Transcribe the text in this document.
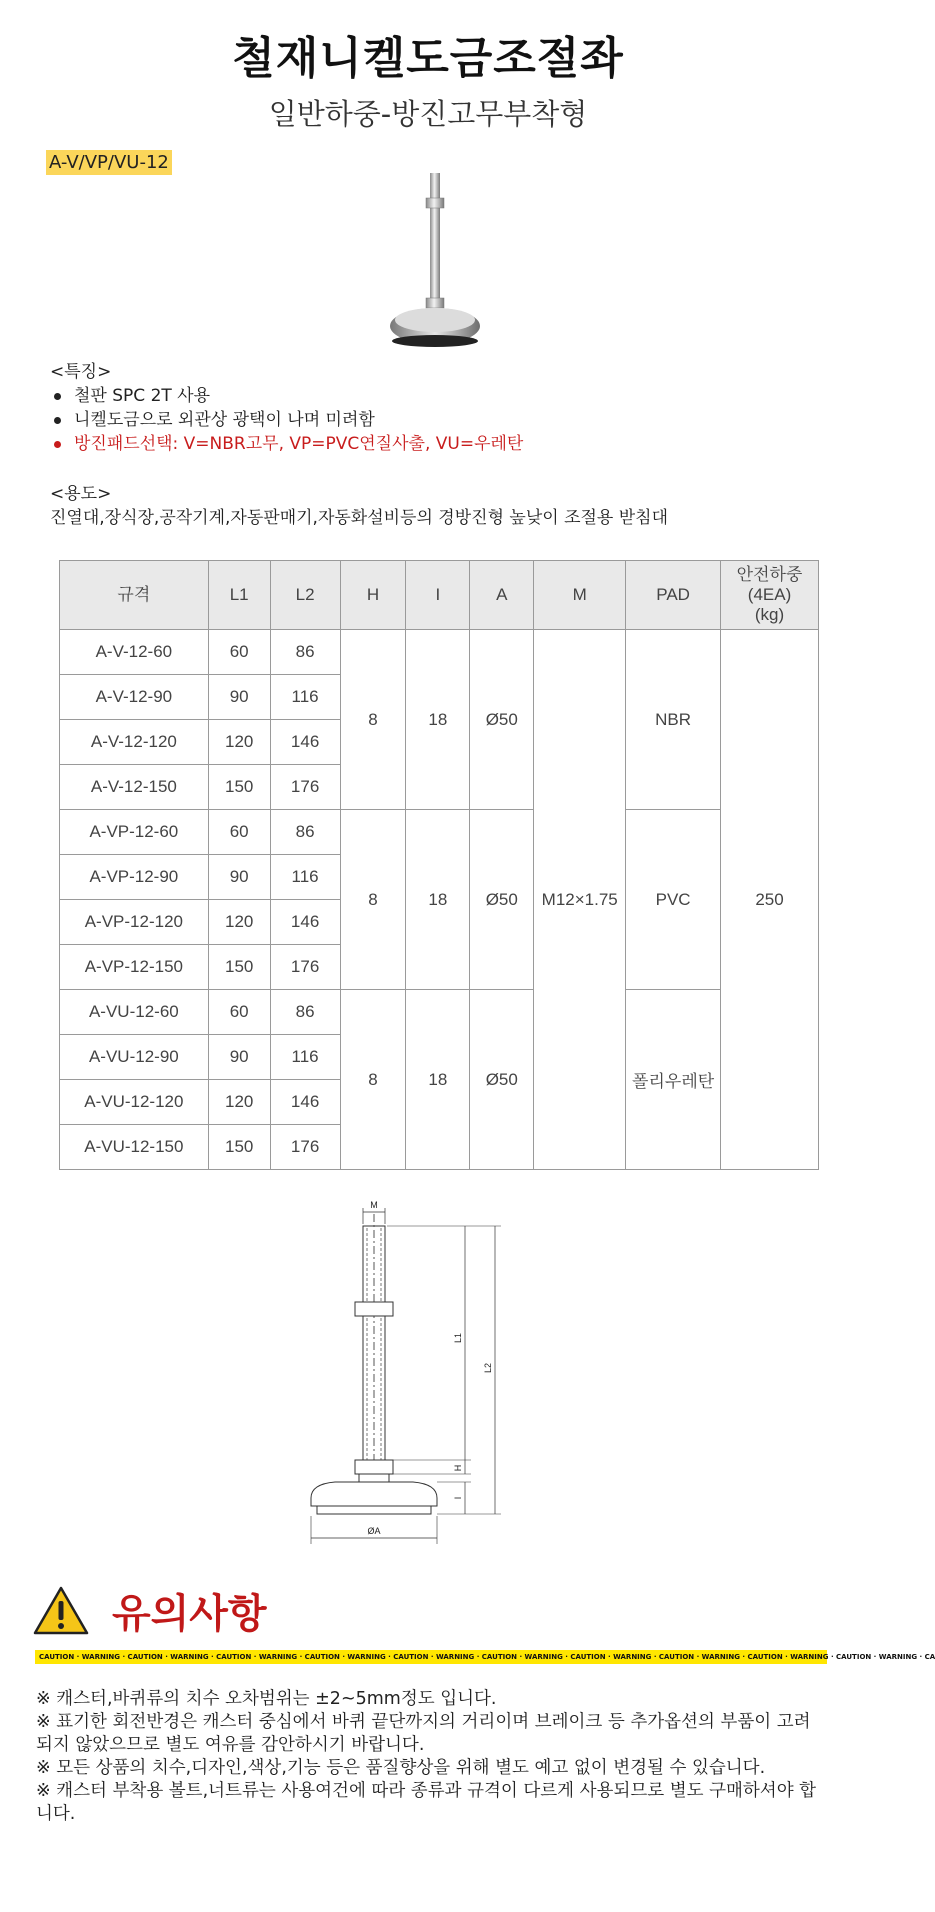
철재니켈도금조절좌
일반하중-방진고무부착형
A-V/VP/VU-12
<특징>
철판 SPC 2T 사용
니켈도금으로 외관상 광택이 나며 미려함
방진패드선택: V=NBR고무, VP=PVC연질사출, VU=우레탄
<용도>
진열대,장식장,공작기계,자동판매기,자동화설비등의 경방진형 높낮이 조절용 받침대
규격	L1	L2	H	I	A	M	PAD	안전하중
(4EA)
(kg)
A-V-12-60	60	86	8	18	Ø50	M12×1.75	NBR	250
A-V-12-90	90	116						
A-V-12-120	120	146						
A-V-12-150	150	176						
A-VP-12-60	60	86	8	18	Ø50		PVC	
A-VP-12-90	90	116						
A-VP-12-120	120	146						
A-VP-12-150	150	176						
A-VU-12-60	60	86	8	18	Ø50		폴리우레탄	
A-VU-12-90	90	116						
A-VU-12-120	120	146						
A-VU-12-150	150	176						
M
L1
L2
H
I
ØA
유의사항
CAUTION · WARNING · CAUTION · WARNING · CAUTION · WARNING · CAUTION · WARNING · CAUTION · WARNING · CAUTION · WARNING · CAUTION · WARNING · CAUTION · WARNING · CAUTION · WARNING · CAUTION · WARNING · CA
※ 캐스터,바퀴류의 치수 오차범위는 ±2~5mm정도 입니다.
※ 표기한 회전반경은 캐스터 중심에서 바퀴 끝단까지의 거리이며 브레이크 등 추가옵션의 부품이 고려되지 않았으므로 별도 여유를 감안하시기 바랍니다.
※ 모든 상품의 치수,디자인,색상,기능 등은 품질향상을 위해 별도 예고 없이 변경될 수 있습니다.
※ 캐스터 부착용 볼트,너트류는 사용여건에 따라 종류과 규격이 다르게 사용되므로 별도 구매하셔야 합니다.
